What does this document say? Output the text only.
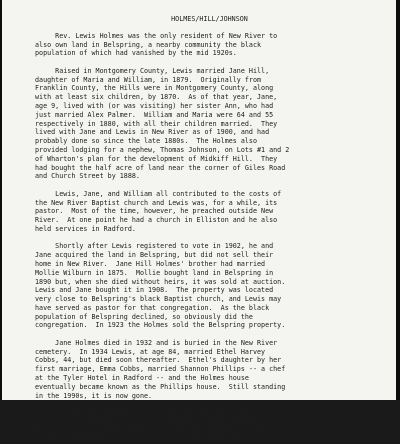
HOLMES/HILL/JOHNSON
Rev. Lewis Holmes was the only resident of New River to
also own land in Belspring, a nearby community the black
population of which had vanished by the mid 1920s.
Raised in Montgomery County, Lewis married Jane Hill,
daughter of Maria and William, in 1879.  Originally from
Franklin County, the Hills were in Montgomery County, along
with at least six children, by 1870.  As of that year, Jane,
age 9, lived with (or was visiting) her sister Ann, who had
just married Alex Palmer.  William and Maria were 64 and 55
respectively in 1880, with all their children married.  They
lived with Jane and Lewis in New River as of 1900, and had
probably done so since the late 1880s.  The Holmes also
provided lodging for a nephew, Thomas Johnson, on Lots #1 and 2
of Wharton's plan for the development of Midkiff Hill.  They
had bought the half acre of land near the corner of Giles Road
and Church Street by 1888.
Lewis, Jane, and William all contributed to the costs of
the New River Baptist church and Lewis was, for a while, its
pastor.  Most of the time, however, he preached outside New
River.  At one point he had a church in Elliston and he also
held services in Radford.
Shortly after Lewis registered to vote in 1902, he and
Jane acquired the land in Belspring, but did not sell their
home in New River.  Jane Hill Holmes' brother had married
Mollie Wilburn in 1875.  Mollie bought land in Belspring in
1890 but, when she died without heirs, it was sold at auction.
Lewis and Jane bought it in 1908.  The property was located
very close to Belspring's black Baptist church, and Lewis may
have served as pastor for that congregation.  As the black
population of Belspring declined, so obviously did the
congregation.  In 1923 the Holmes sold the Belspring property.
Jane Holmes died in 1932 and is buried in the New River
cemetery.  In 1934 Lewis, at age 84, married Ethel Harvey
Cobbs, 44, but died soon thereafter.  Ethel's daughter by her
first marriage, Emma Cobbs, married Shannon Phillips -- a chef
at the Tyler Hotel in Radford -- and the Holmes house
eventually became known as the Phillips house.  Still standing
in the 1990s, it is now gone.
Tom Johnson, nephew, lived with the Holmes in 1900.  [A
Tom Johnson, adopted son and housepainter, lived with the
Homers in 1910?] Homer = Holmes? ) In 1913 and at age 34, he
married Minnie Neace, a 33 year old divorcee from Radford.
